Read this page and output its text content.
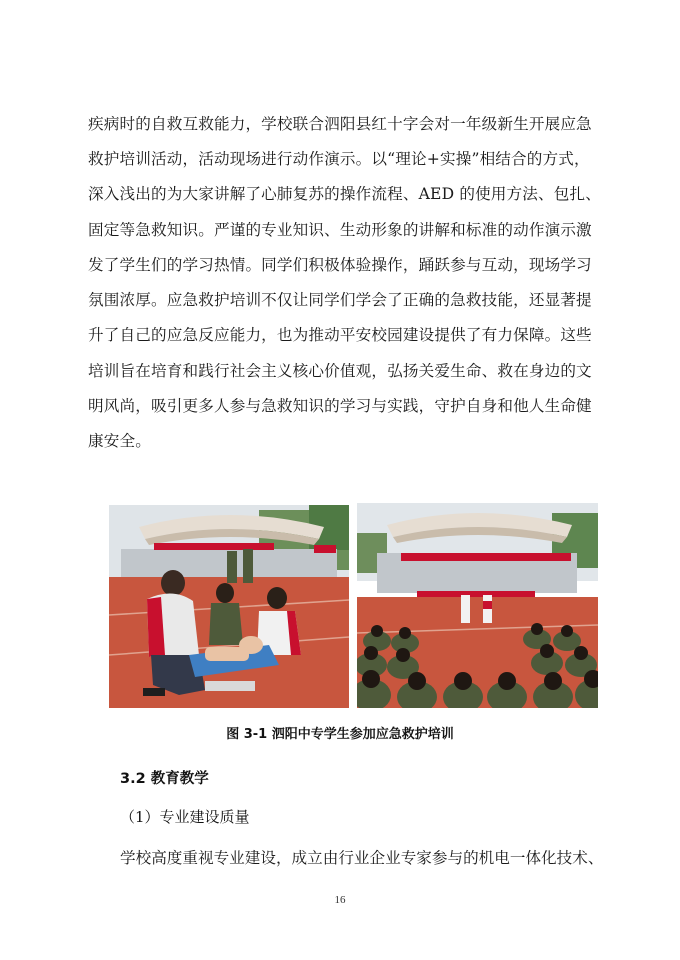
疾病时的自救互救能力，学校联合泗阳县红十字会对一年级新生开展应急
救护培训活动，活动现场进行动作演示。以“理论+实操”相结合的方式，
深入浅出的为大家讲解了心肺复苏的操作流程、AED 的使用方法、包扎、
固定等急救知识。严谨的专业知识、生动形象的讲解和标准的动作演示激
发了学生们的学习热情。同学们积极体验操作，踊跃参与互动，现场学习
氛围浓厚。应急救护培训不仅让同学们学会了正确的急救技能，还显著提
升了自己的应急反应能力，也为推动平安校园建设提供了有力保障。这些
培训旨在培育和践行社会主义核心价值观，弘扬关爱生命、救在身边的文
明风尚，吸引更多人参与急救知识的学习与实践，守护自身和他人生命健
康安全。
图 3-1 泗阳中专学生参加应急救护培训
3.2 教育教学
（1）专业建设质量
学校高度重视专业建设，成立由行业企业专家参与的机电一体化技术、
16
